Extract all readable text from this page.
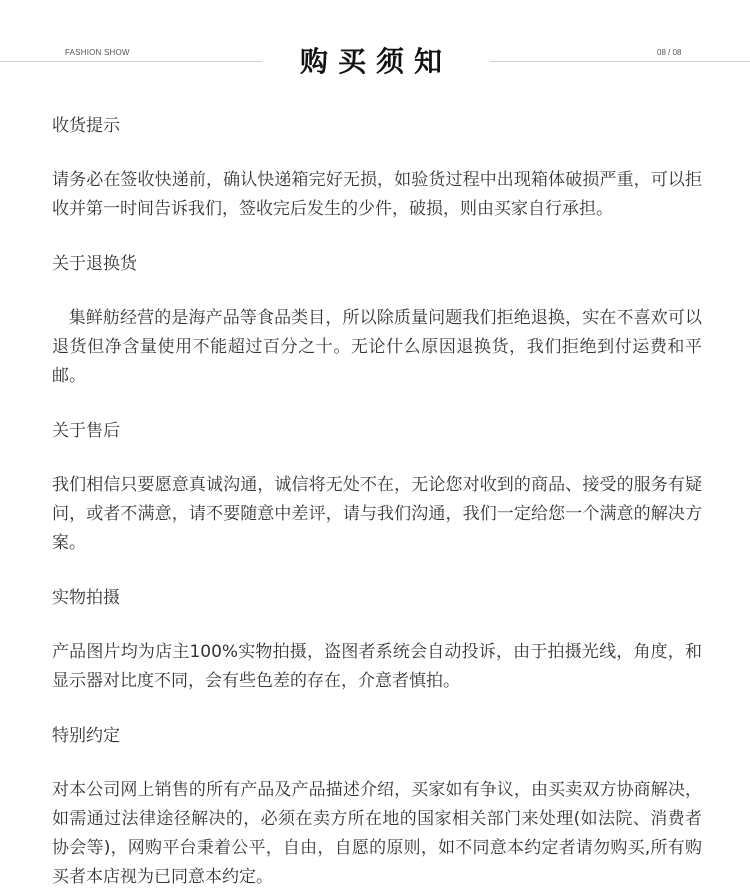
FASHION SHOW	购买须知	08 / 08

收货提示

请务必在签收快递前，确认快递箱完好无损，如验货过程中出现箱体破损严重，可以拒收并第一时间告诉我们，签收完后发生的少件，破损，则由买家自行承担。

关于退换货

集鲜舫经营的是海产品等食品类目，所以除质量问题我们拒绝退换，实在不喜欢可以退货但净含量使用不能超过百分之十。无论什么原因退换货，我们拒绝到付运费和平邮。

关于售后

我们相信只要愿意真诚沟通，诚信将无处不在，无论您对收到的商品、接受的服务有疑问，或者不满意，请不要随意中差评，请与我们沟通，我们一定给您一个满意的解决方案。

实物拍摄

产品图片均为店主100%实物拍摄，盗图者系统会自动投诉，由于拍摄光线，角度，和显示器对比度不同，会有些色差的存在，介意者慎拍。

特别约定

对本公司网上销售的所有产品及产品描述介绍，买家如有争议，由买卖双方协商解决，如需通过法律途径解决的，必须在卖方所在地的国家相关部门来处理(如法院、消费者协会等)，网购平台秉着公平，自由，自愿的原则，如不同意本约定者请勿购买,所有购买者本店视为已同意本约定。
